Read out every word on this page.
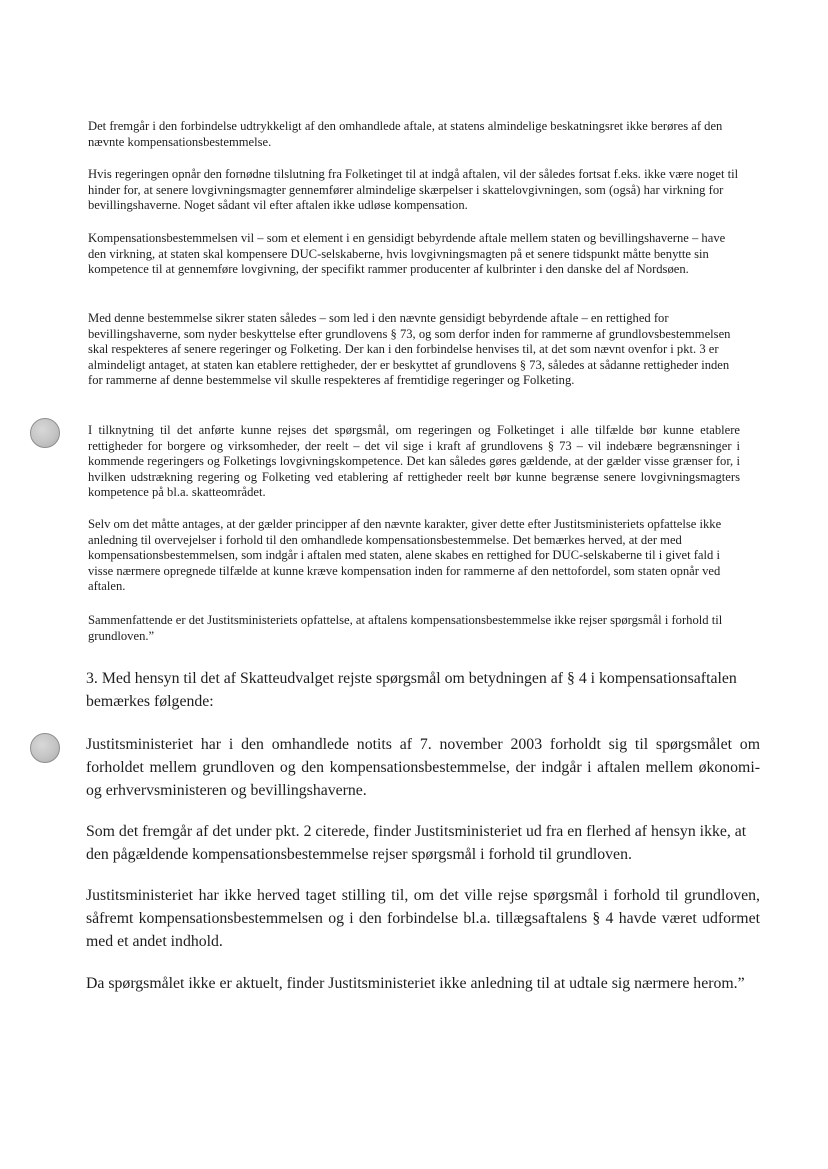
Det fremgår i den forbindelse udtrykkeligt af den omhandlede aftale, at statens almindelige beskatningsret ikke berøres af den nævnte kompensationsbestemmelse.

Hvis regeringen opnår den fornødne tilslutning fra Folketinget til at indgå aftalen, vil der således fortsat f.eks. ikke være noget til hinder for, at senere lovgivningsmagter gennemfører almindelige skærpelser i skattelovgivningen, som (også) har virkning for bevillingshaverne. Noget sådant vil efter aftalen ikke udløse kompensation.

Kompensationsbestemmelsen vil – som et element i en gensidigt bebyrdende aftale mellem staten og bevillingshaverne – have den virkning, at staten skal kompensere DUC-selskaberne, hvis lovgivningsmagten på et senere tidspunkt måtte benytte sin kompetence til at gennemføre lovgivning, der specifikt rammer producenter af kulbrinter i den danske del af Nordsøen.

Med denne bestemmelse sikrer staten således – som led i den nævnte gensidigt bebyrdende aftale – en rettighed for bevillingshaverne, som nyder beskyttelse efter grundlovens § 73, og som derfor inden for rammerne af grundlovsbestemmelsen skal respekteres af senere regeringer og Folketing. Der kan i den forbindelse henvises til, at det som nævnt ovenfor i pkt. 3 er almindeligt antaget, at staten kan etablere rettigheder, der er beskyttet af grundlovens § 73, således at sådanne rettigheder inden for rammerne af denne bestemmelse vil skulle respekteres af fremtidige regeringer og Folketing.

I tilknytning til det anførte kunne rejses det spørgsmål, om regeringen og Folketinget i alle tilfælde bør kunne etablere rettigheder for borgere og virksomheder, der reelt – det vil sige i kraft af grundlovens § 73 – vil indebære begrænsninger i kommende regeringers og Folketings lovgivningskompetence. Det kan således gøres gældende, at der gælder visse grænser for, i hvilken udstrækning regering og Folketing ved etablering af rettigheder reelt bør kunne begrænse senere lovgivningsmagters kompetence på bl.a. skatteområdet.

Selv om det måtte antages, at der gælder principper af den nævnte karakter, giver dette efter Justitsministeriets opfattelse ikke anledning til overvejelser i forhold til den omhandlede kompensationsbestemmelse. Det bemærkes herved, at der med kompensationsbestemmelsen, som indgår i aftalen med staten, alene skabes en rettighed for DUC-selskaberne til i givet fald i visse nærmere opregnede tilfælde at kunne kræve kompensation inden for rammerne af den nettofordel, som staten opnår ved aftalen.

Sammenfattende er det Justitsministeriets opfattelse, at aftalens kompensationsbestemmelse ikke rejser spørgsmål i forhold til grundloven.”

3. Med hensyn til det af Skatteudvalget rejste spørgsmål om betydningen af § 4 i kompensationsaftalen bemærkes følgende:

Justitsministeriet har i den omhandlede notits af 7. november 2003 forholdt sig til spørgsmålet om forholdet mellem grundloven og den kompensationsbestemmelse, der indgår i aftalen mellem økonomi- og erhvervsministeren og bevillingshaverne.

Som det fremgår af det under pkt. 2 citerede, finder Justitsministeriet ud fra en flerhed af hensyn ikke, at den pågældende kompensationsbestemmelse rejser spørgsmål i forhold til grundloven.

Justitsministeriet har ikke herved taget stilling til, om det ville rejse spørgsmål i forhold til grundloven, såfremt kompensationsbestemmelsen og i den forbindelse bl.a. tillægsaftalens § 4 havde været udformet med et andet indhold.

Da spørgsmålet ikke er aktuelt, finder Justitsministeriet ikke anledning til at udtale sig nærmere herom.”
